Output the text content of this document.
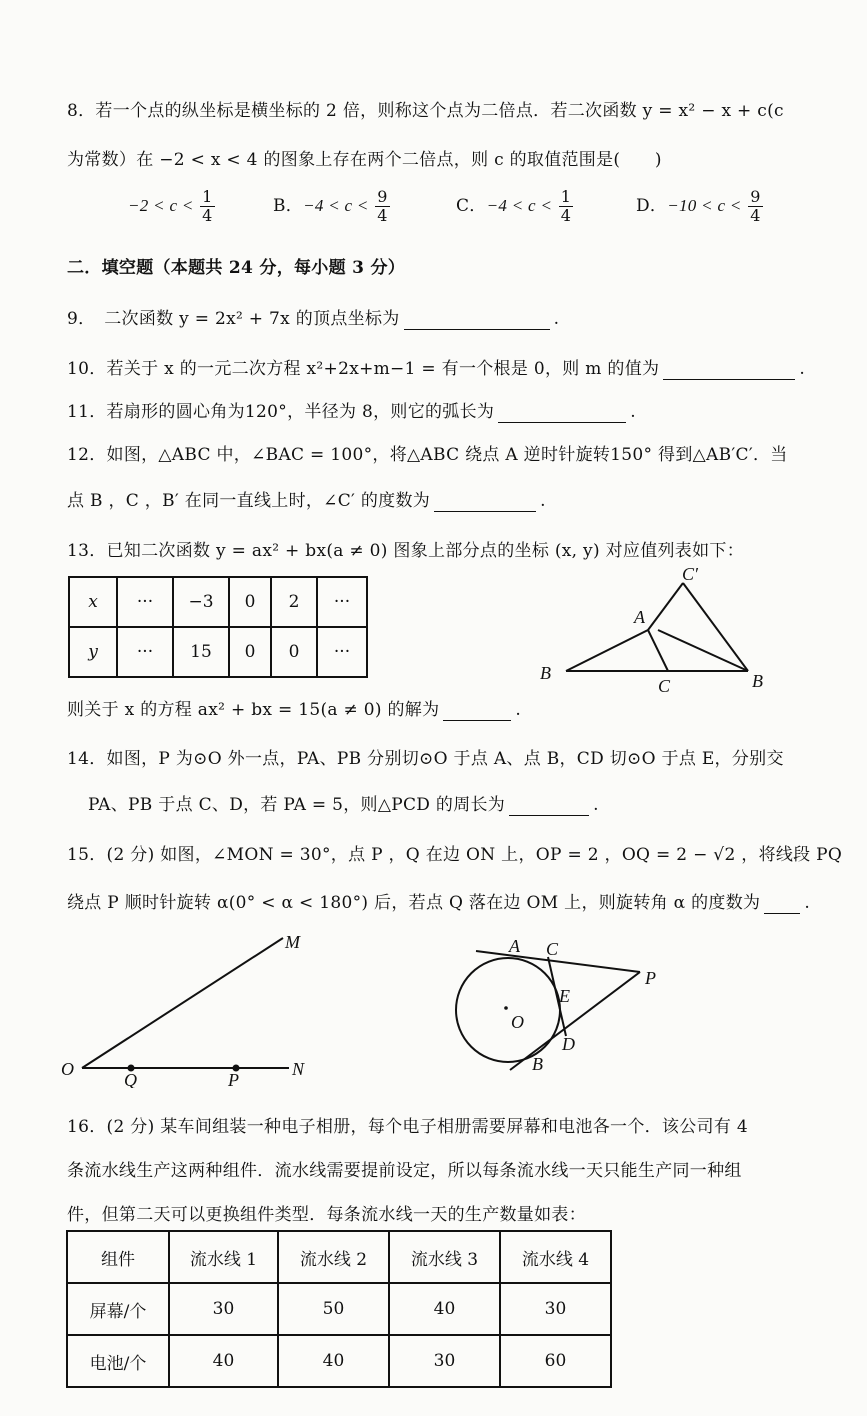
8．若一个点的纵坐标是横坐标的 2 倍，则称这个点为二倍点．若二次函数 y = x² − x + c(c
为常数）在 −2 < x < 4 的图象上存在两个二倍点，则 c 的取值范围是(　　)
$-2 < c < \frac{1}{4}$	B．$-4 < c < \frac{9}{4}$	C．$-4 < c < \frac{1}{4}$	D．$-10 < c < \frac{9}{4}$
二．填空题（本题共 24 分，每小题 3 分）
9．　二次函数 y = 2x² + 7x 的顶点坐标为	.
10．若关于 x 的一元二次方程 x²+2x+m−1 = 有一个根是 0，则 m 的值为	.
11．若扇形的圆心角为120°，半径为 8，则它的弧长为	.
12．如图，△ABC 中，∠BAC = 100°，将△ABC 绕点 A 逆时针旋转150° 得到△AB′C′．当
点 B ，C ，B′ 在同一直线上时，∠C′ 的度数为	.
13．已知二次函数 y = ax² + bx(a ≠ 0) 图象上部分点的坐标 (x, y) 对应值列表如下：
x	···	−3	0	2	···
y	···	15	0	0	···
C′
A
B
C	B
则关于 x 的方程 ax² + bx = 15(a ≠ 0) 的解为	.
14．如图，P 为⊙O 外一点，PA、PB 分别切⊙O 于点 A、点 B，CD 切⊙O 于点 E，分别交
PA、PB 于点 C、D，若 PA = 5，则△PCD 的周长为	.
15．(2 分) 如图，∠MON = 30°，点 P ，Q 在边 ON 上，OP = 2 ，OQ = 2 − √2 ，将线段 PQ
绕点 P 顺时针旋转 α(0° < α < 180°) 后，若点 Q 落在边 OM 上，则旋转角 α 的度数为	.
M
O
Q	P
N
A C
P
E
O
D
B
16．(2 分) 某车间组装一种电子相册，每个电子相册需要屏幕和电池各一个．该公司有 4
条流水线生产这两种组件．流水线需要提前设定，所以每条流水线一天只能生产同一种组
件，但第二天可以更换组件类型．每条流水线一天的生产数量如表：
组件	流水线 1	流水线 2	流水线 3	流水线 4
屏幕/个	30	50	40	30
电池/个	40	40	30	60
